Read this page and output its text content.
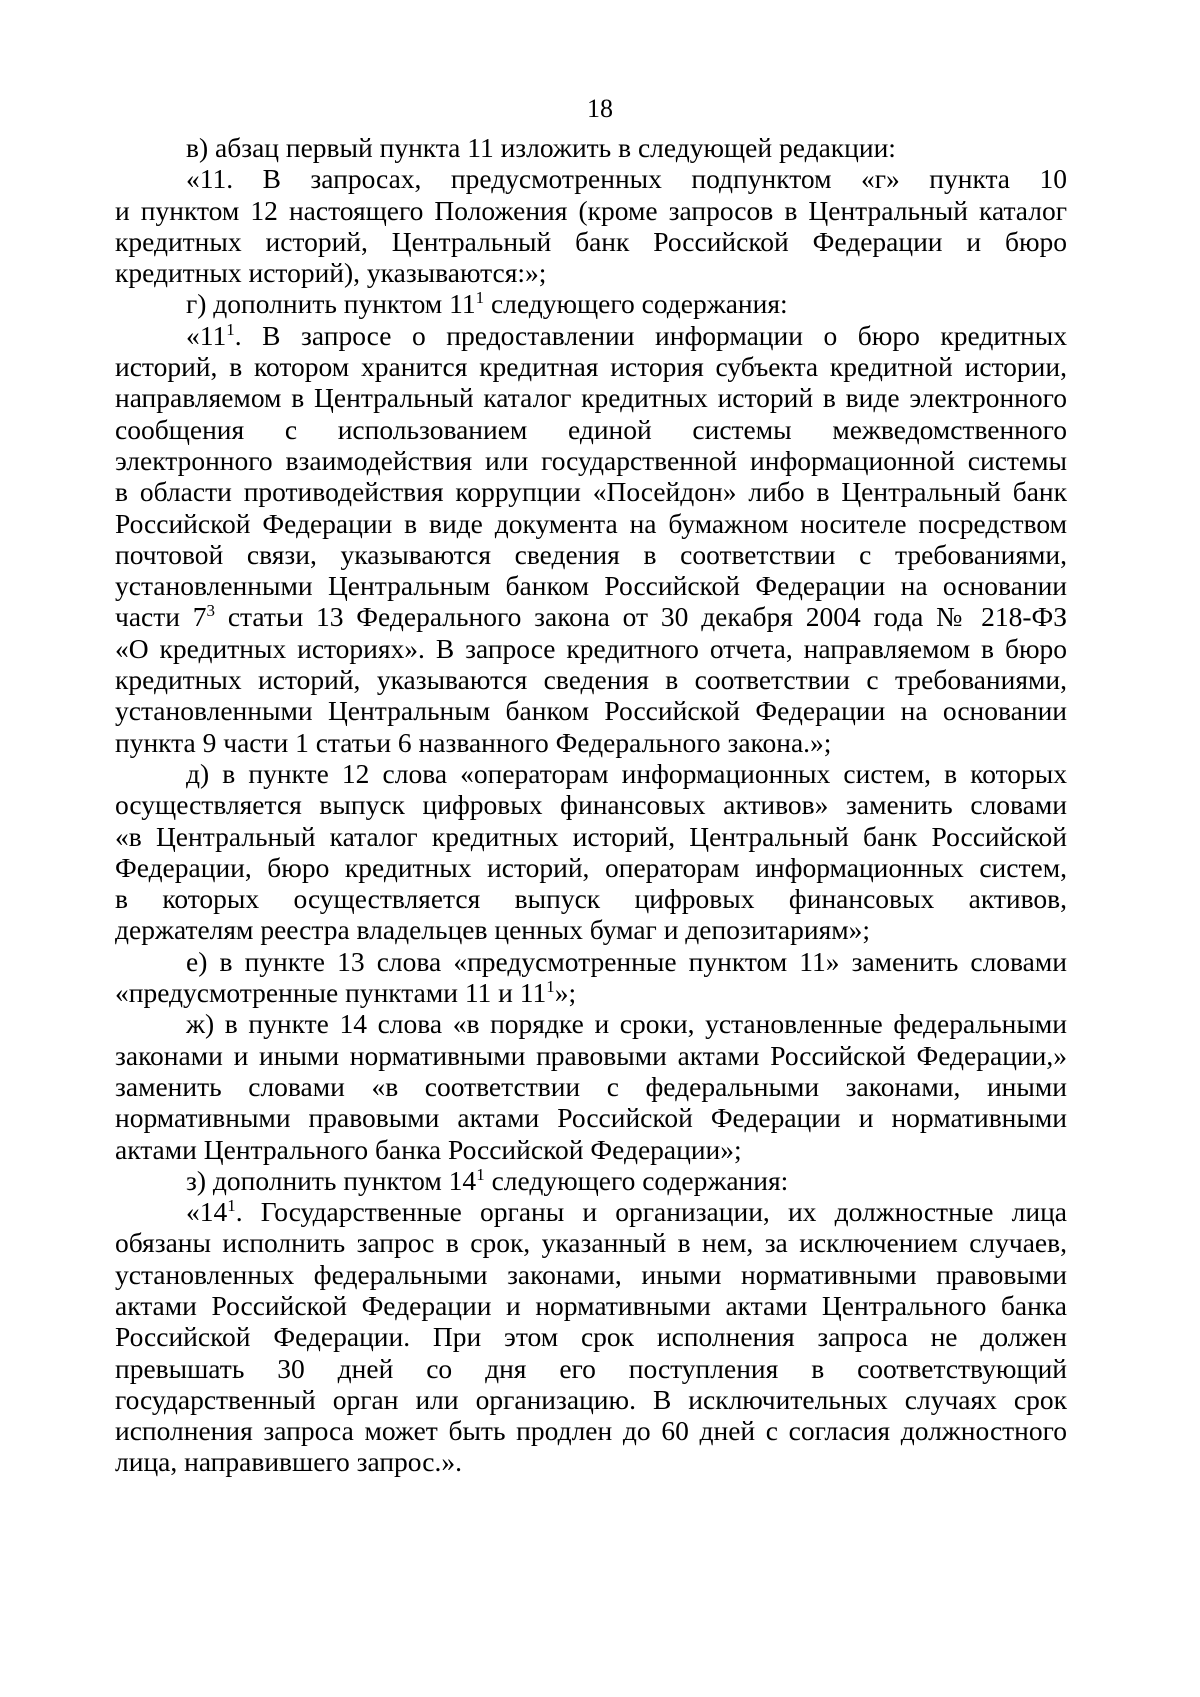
18
в) абзац первый пункта 11 изложить в следующей редакции:
«11. В запросах, предусмотренных подпунктом «г» пункта 10
и пунктом 12 настоящего Положения (кроме запросов в Центральный каталог
кредитных историй, Центральный банк Российской Федерации и бюро
кредитных историй), указываются:»;
г) дополнить пунктом $11^1$ следующего содержания:
«$11^1$. В запросе о предоставлении информации о бюро кредитных
историй, в котором хранится кредитная история субъекта кредитной истории,
направляемом в Центральный каталог кредитных историй в виде электронного
сообщения с использованием единой системы межведомственного
электронного взаимодействия или государственной информационной системы
в области противодействия коррупции «Посейдон» либо в Центральный банк
Российской Федерации в виде документа на бумажном носителе посредством
почтовой связи, указываются сведения в соответствии с требованиями,
установленными Центральным банком Российской Федерации на основании
части $7^3$ статьи 13 Федерального закона от 30 декабря 2004 года № 218-ФЗ
«О кредитных историях». В запросе кредитного отчета, направляемом в бюро
кредитных историй, указываются сведения в соответствии с требованиями,
установленными Центральным банком Российской Федерации на основании
пункта 9 части 1 статьи 6 названного Федерального закона.»;
д) в пункте 12 слова «операторам информационных систем, в которых
осуществляется выпуск цифровых финансовых активов» заменить словами
«в Центральный каталог кредитных историй, Центральный банк Российской
Федерации, бюро кредитных историй, операторам информационных систем,
в которых осуществляется выпуск цифровых финансовых активов,
держателям реестра владельцев ценных бумаг и депозитариям»;
е) в пункте 13 слова «предусмотренные пунктом 11» заменить словами
«предусмотренные пунктами 11 и $11^1$»;
ж) в пункте 14 слова «в порядке и сроки, установленные федеральными
законами и иными нормативными правовыми актами Российской Федерации,»
заменить словами «в соответствии с федеральными законами, иными
нормативными правовыми актами Российской Федерации и нормативными
актами Центрального банка Российской Федерации»;
з) дополнить пунктом $14^1$ следующего содержания:
«$14^1$. Государственные органы и организации, их должностные лица
обязаны исполнить запрос в срок, указанный в нем, за исключением случаев,
установленных федеральными законами, иными нормативными правовыми
актами Российской Федерации и нормативными актами Центрального банка
Российской Федерации. При этом срок исполнения запроса не должен
превышать 30 дней со дня его поступления в соответствующий
государственный орган или организацию. В исключительных случаях срок
исполнения запроса может быть продлен до 60 дней с согласия должностного
лица, направившего запрос.».
